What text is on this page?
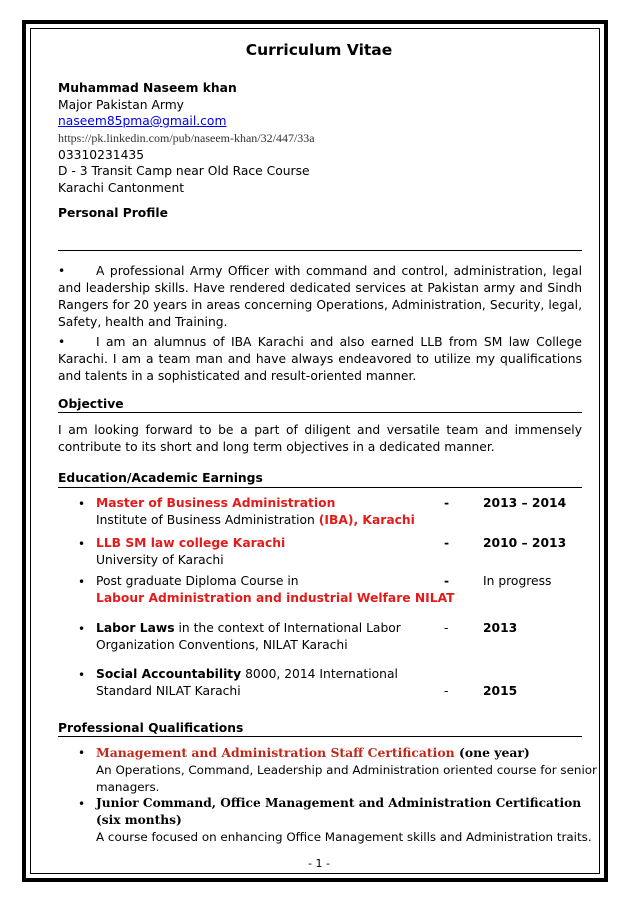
Curriculum Vitae
Muhammad Naseem khan
Major Pakistan Army
naseem85pma@gmail.com
https://pk.linkedin.com/pub/naseem-khan/32/447/33a
03310231435
D - 3 Transit Camp near Old Race Course
Karachi Cantonment
Personal Profile
• A professional Army Officer with command and control, administration, legal and leadership skills. Have rendered dedicated services at Pakistan army and Sindh Rangers for 20 years in areas concerning Operations, Administration, Security, legal, Safety, health and Training.
• I am an alumnus of IBA Karachi and also earned LLB from SM law College Karachi. I am a team man and have always endeavored to utilize my qualifications and talents in a sophisticated and result-oriented manner.
Objective
I am looking forward to be a part of diligent and versatile team and immensely contribute to its short and long term objectives in a dedicated manner.
Education/Academic Earnings
• Master of Business Administration
Institute of Business Administration (IBA), Karachi
-	2013 – 2014
• LLB SM law college Karachi
University of Karachi
-	2010 – 2013
• Post graduate Diploma Course in
Labour Administration and industrial Welfare NILAT
-	In progress
• Labor Laws in the context of International Labor
Organization Conventions, NILAT Karachi
-	2013
• Social Accountability 8000, 2014 International
Standard NILAT Karachi	-	2015
Professional Qualifications
• Management and Administration Staff Certification (one year)
An Operations, Command, Leadership and Administration oriented course for senior
managers.
• Junior Command, Office Management and Administration Certification
(six months)
A course focused on enhancing Office Management skills and Administration traits.
- 1 -
